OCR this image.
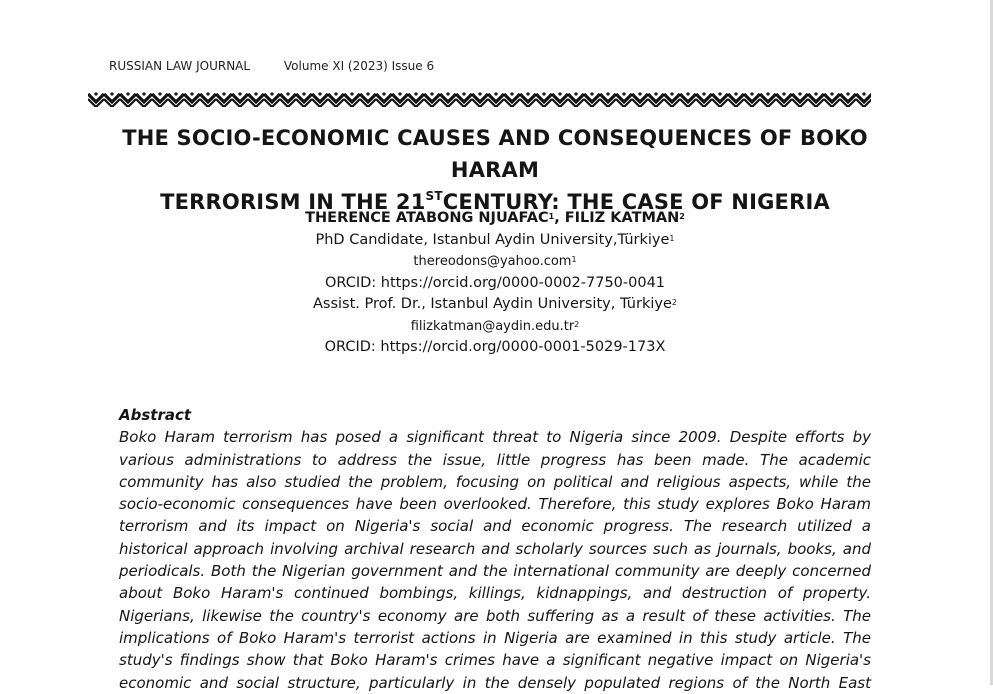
RUSSIAN LAW JOURNAL	Volume XI (2023) Issue 6
THE SOCIO-ECONOMIC CAUSES AND CONSEQUENCES OF BOKO HARAM
TERRORISM IN THE 21STCENTURY: THE CASE OF NIGERIA
THERENCE ATABONG NJUAFAC$^1$, FILIZ KATMAN$^2$
PhD Candidate, Istanbul Aydin University,Türkiye$^1$
thereodons@yahoo.com$^1$
ORCID: https://orcid.org/0000-0002-7750-0041
Assist. Prof. Dr., Istanbul Aydin University, Türkiye$^2$
$filizkatman@aydin.edu.tr^2$
ORCID: https://orcid.org/0000-0001-5029-173X
Abstract
Boko Haram terrorism has posed a significant threat to Nigeria since 2009. Despite efforts by various administrations to address the issue, little progress has been made. The academic community has also studied the problem, focusing on political and religious aspects, while the socio-economic consequences have been overlooked. Therefore, this study explores Boko Haram terrorism and its impact on Nigeria's social and economic progress. The research utilized a historical approach involving archival research and scholarly sources such as journals, books, and periodicals. Both the Nigerian government and the international community are deeply concerned about Boko Haram's continued bombings, killings, kidnappings, and destruction of property. Nigerians, likewise the country's economy are both suffering as a result of these activities. The implications of Boko Haram's terrorist actions in Nigeria are examined in this study article. The study's findings show that Boko Haram's crimes have a significant negative impact on Nigeria's economic and social structure, particularly in the densely populated regions of the North East
